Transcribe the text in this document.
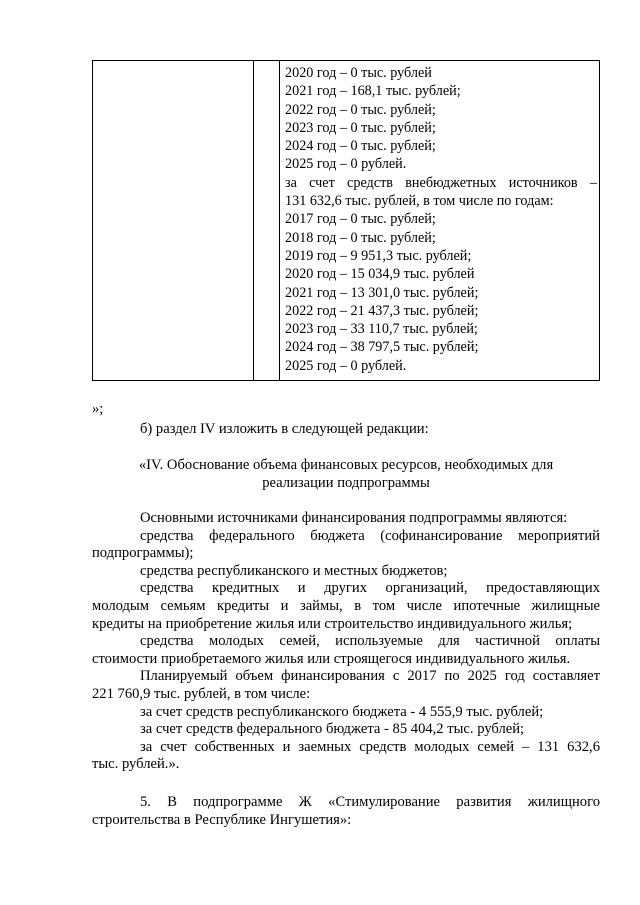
2020 год – 0 тыс. рублей
2021 год – 168,1 тыс. рублей;
2022 год – 0 тыс. рублей;
2023 год – 0 тыс. рублей;
2024 год – 0 тыс. рублей;
2025 год – 0 рублей.
за счет средств внебюджетных источников –
131 632,6 тыс. рублей, в том числе по годам:
2017 год – 0 тыс. рублей;
2018 год – 0 тыс. рублей;
2019 год – 9 951,3 тыс. рублей;
2020 год – 15 034,9 тыс. рублей
2021 год – 13 301,0 тыс. рублей;
2022 год – 21 437,3 тыс. рублей;
2023 год – 33 110,7 тыс. рублей;
2024 год – 38 797,5 тыс. рублей;
2025 год – 0 рублей.
»;
б) раздел IV изложить в следующей редакции:
«IV. Обоснование объема финансовых ресурсов, необходимых для
реализации подпрограммы
Основными источниками финансирования подпрограммы являются:
средства федерального бюджета (софинансирование мероприятий
подпрограммы);
средства республиканского и местных бюджетов;
средства кредитных и других организаций, предоставляющих
молодым семьям кредиты и займы, в том числе ипотечные жилищные
кредиты на приобретение жилья или строительство индивидуального жилья;
средства молодых семей, используемые для частичной оплаты
стоимости приобретаемого жилья или строящегося индивидуального жилья.
Планируемый объем финансирования с 2017 по 2025 год составляет
221 760,9 тыс. рублей, в том числе:
за счет средств республиканского бюджета - 4 555,9 тыс. рублей;
за счет средств федерального бюджета - 85 404,2 тыс. рублей;
за счет собственных и заемных средств молодых семей – 131 632,6
тыс. рублей.».
5. В подпрограмме Ж «Стимулирование развития жилищного
строительства в Республике Ингушетия»:
